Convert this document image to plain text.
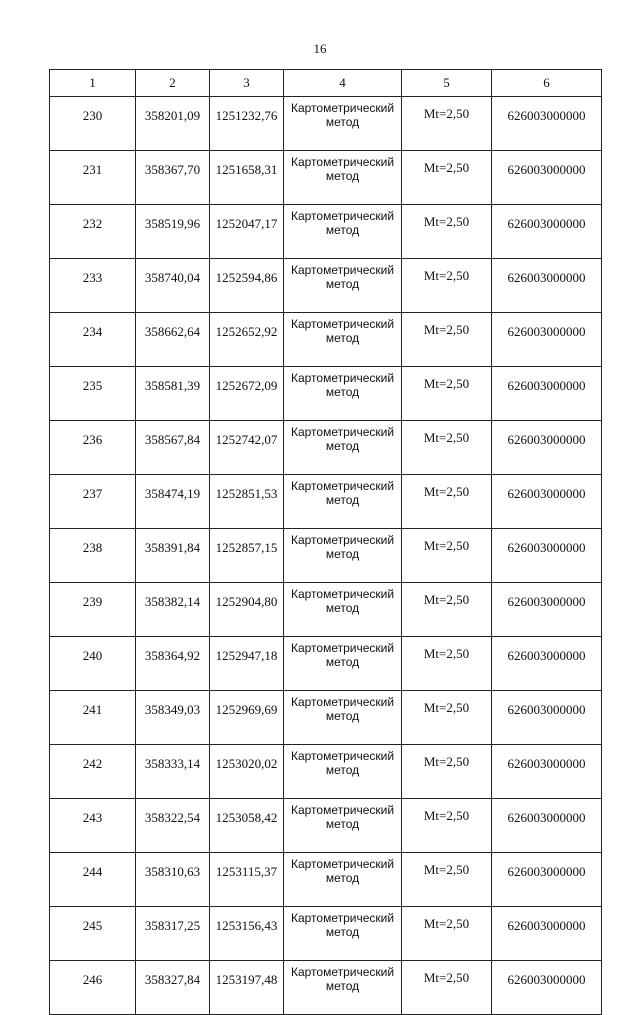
16
1	2	3	4	5	6
230	358201,09	1251232,76	Картометрический метод	Mt=2,50	626003000000
231	358367,70	1251658,31	Картометрический метод	Mt=2,50	626003000000
232	358519,96	1252047,17	Картометрический метод	Mt=2,50	626003000000
233	358740,04	1252594,86	Картометрический метод	Mt=2,50	626003000000
234	358662,64	1252652,92	Картометрический метод	Mt=2,50	626003000000
235	358581,39	1252672,09	Картометрический метод	Mt=2,50	626003000000
236	358567,84	1252742,07	Картометрический метод	Mt=2,50	626003000000
237	358474,19	1252851,53	Картометрический метод	Mt=2,50	626003000000
238	358391,84	1252857,15	Картометрический метод	Mt=2,50	626003000000
239	358382,14	1252904,80	Картометрический метод	Mt=2,50	626003000000
240	358364,92	1252947,18	Картометрический метод	Mt=2,50	626003000000
241	358349,03	1252969,69	Картометрический метод	Mt=2,50	626003000000
242	358333,14	1253020,02	Картометрический метод	Mt=2,50	626003000000
243	358322,54	1253058,42	Картометрический метод	Mt=2,50	626003000000
244	358310,63	1253115,37	Картометрический метод	Mt=2,50	626003000000
245	358317,25	1253156,43	Картометрический метод	Mt=2,50	626003000000
246	358327,84	1253197,48	Картометрический метод	Mt=2,50	626003000000
